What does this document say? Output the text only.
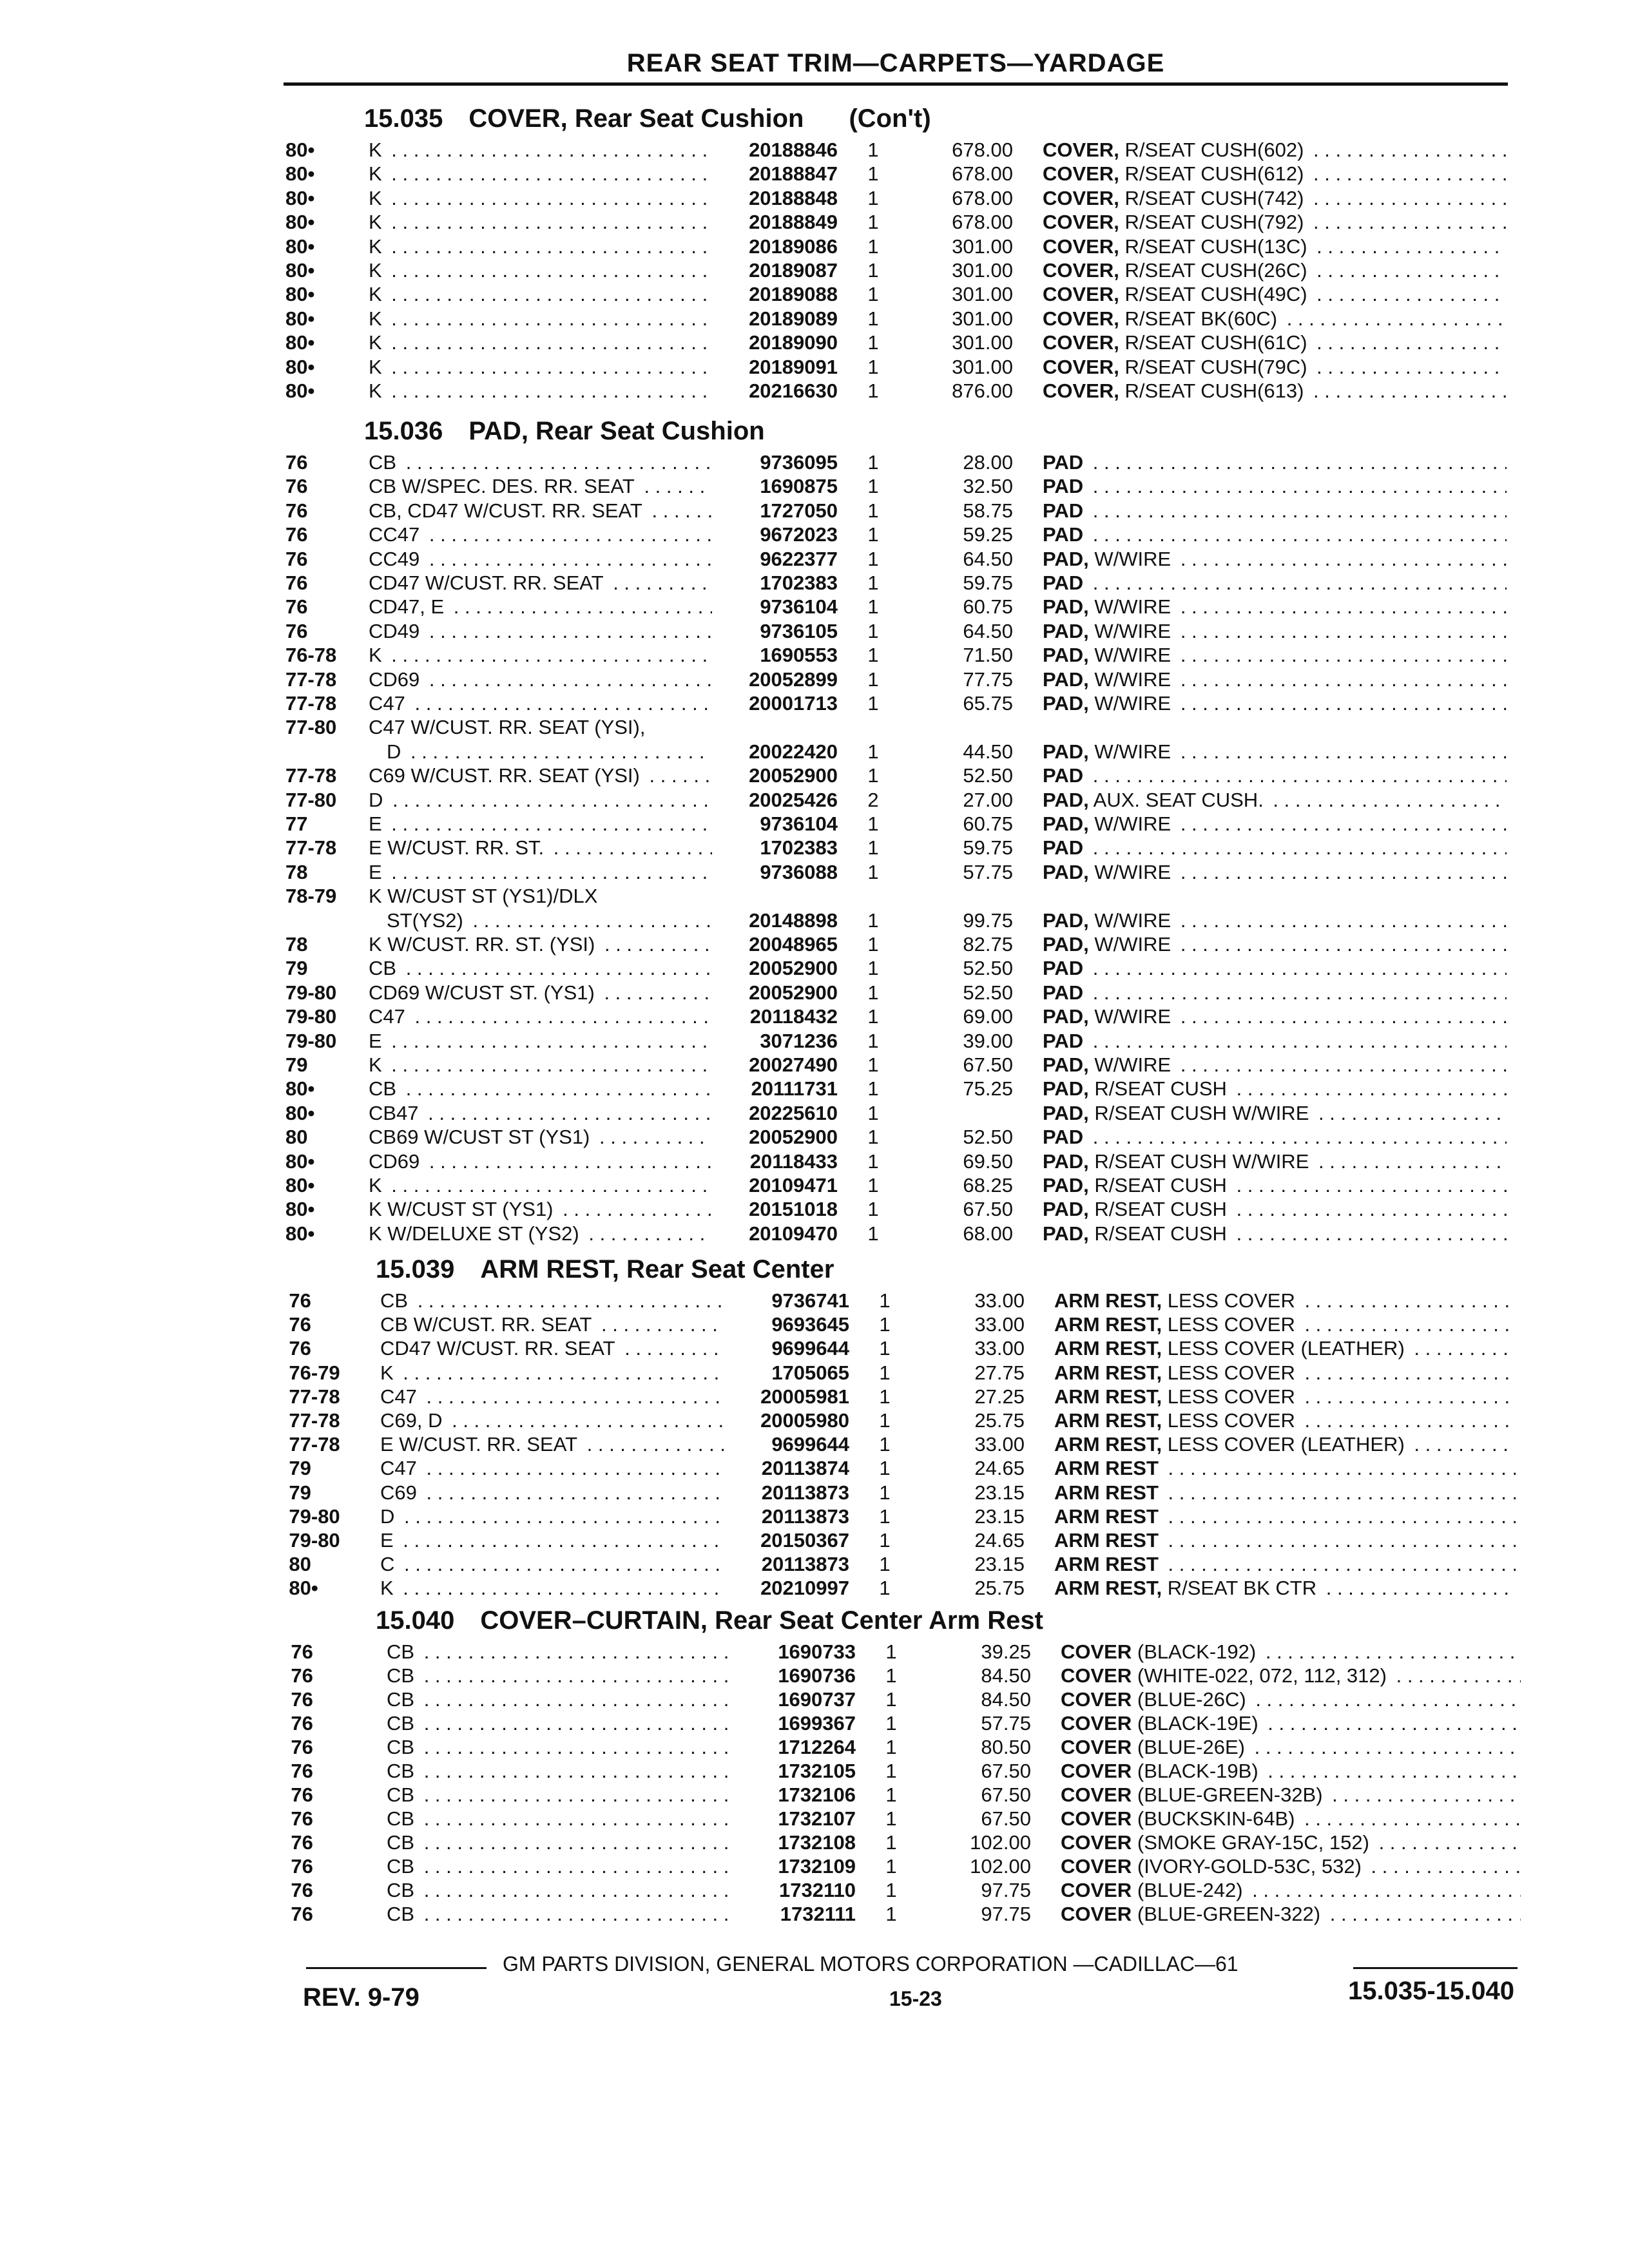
REAR SEAT TRIM—CARPETS—YARDAGE
15.035 COVER, Rear Seat Cushion (Con't)
80•	K . . .	20188846	1	678.00 COVER, R/SEAT CUSH(602) . . .
80•	K . . .	20188847	1	678.00 COVER, R/SEAT CUSH(612) . . .
80•	K . . .	20188848	1	678.00 COVER, R/SEAT CUSH(742) . . .
80•	K . . .	20188849	1	678.00 COVER, R/SEAT CUSH(792) . . .
80•	K . . .	20189086	1	301.00 COVER, R/SEAT CUSH(13C) . . .
80•	K . . .	20189087	1	301.00 COVER, R/SEAT CUSH(26C) . . .
80•	K . . .	20189088	1	301.00 COVER, R/SEAT CUSH(49C) . . .
80•	K . . .	20189089	1	301.00 COVER, R/SEAT BK(60C) . . .
80•	K . . .	20189090	1	301.00 COVER, R/SEAT CUSH(61C) . . .
80•	K . . .	20189091	1	301.00 COVER, R/SEAT CUSH(79C) . . .
80•	K . . .	20216630	1	876.00 COVER, R/SEAT CUSH(613) . . .
15.036 PAD, Rear Seat Cushion
76	CB . . .	9736095	1	28.00 PAD . . .
76	CB W/SPEC. DES. RR. SEAT . . .	1690875	1	32.50 PAD . . .
76	CB, CD47 W/CUST. RR. SEAT . . .	1727050	1	58.75 PAD . . .
76	CC47 . . .	9672023	1	59.25 PAD . . .
76	CC49 . . .	9622377	1	64.50 PAD, W/WIRE . . .
76	CD47 W/CUST. RR. SEAT . . .	1702383	1	59.75 PAD . . .
76	CD47, E . . .	9736104	1	60.75 PAD, W/WIRE . . .
76	CD49 . . .	9736105	1	64.50 PAD, W/WIRE . . .
76-78 K . . .	1690553	1	71.50 PAD, W/WIRE . . .
77-78 CD69 . . .	20052899	1	77.75 PAD, W/WIRE . . .
77-78 C47 . . .	20001713	1	65.75 PAD, W/WIRE . . .
77-80 C47 W/CUST. RR. SEAT (YSI),
D . . .	20022420	1	44.50 PAD, W/WIRE . . .
77-78 C69 W/CUST. RR. SEAT (YSI) . . .	20052900	1	52.50 PAD . . .
77-80 D . . .	20025426	2	27.00 PAD, AUX. SEAT CUSH. . . .
77	E . . .	9736104	1	60.75 PAD, W/WIRE . . .
77-78 E W/CUST. RR. ST. . . .	1702383	1	59.75 PAD . . .
78	E . . .	9736088	1	57.75 PAD, W/WIRE . . .
78-79 K W/CUST ST (YS1)/DLX
ST(YS2) . . .	20148898	1	99.75 PAD, W/WIRE . . .
78	K W/CUST. RR. ST. (YSI) . . .	20048965	1	82.75 PAD, W/WIRE . . .
79	CB . . .	20052900	1	52.50 PAD . . .
79-80 CD69 W/CUST ST. (YS1) . . .	20052900	1	52.50 PAD . . .
79-80 C47 . . .	20118432	1	69.00 PAD, W/WIRE . . .
79-80 E . . .	3071236	1	39.00 PAD . . .
79	K . . .	20027490	1	67.50 PAD, W/WIRE . . .
80•	CB . . .	20111731	1	75.25 PAD, R/SEAT CUSH . . .
80•	CB47 . . .	20225610	1	PAD, R/SEAT CUSH W/WIRE . . .
80	CB69 W/CUST ST (YS1) . . .	20052900	1	52.50 PAD . . .
80•	CD69 . . .	20118433	1	69.50 PAD, R/SEAT CUSH W/WIRE . . .
80•	K . . .	20109471	1	68.25 PAD, R/SEAT CUSH . . .
80•	K W/CUST ST (YS1) . . .	20151018	1	67.50 PAD, R/SEAT CUSH . . .
80•	K W/DELUXE ST (YS2) . . .	20109470	1	68.00 PAD, R/SEAT CUSH . . .
15.039 ARM REST, Rear Seat Center
76	CB . . .	9736741	1	33.00 ARM REST, LESS COVER . . .
76	CB W/CUST. RR. SEAT . . .	9693645	1	33.00 ARM REST, LESS COVER . . .
76	CD47 W/CUST. RR. SEAT . . .	9699644	1	33.00 ARM REST, LESS COVER (LEATHER) . . .
76-79 K . . .	1705065	1	27.75 ARM REST, LESS COVER . . .
77-78 C47 . . .	20005981	1	27.25 ARM REST, LESS COVER . . .
77-78 C69, D . . .	20005980	1	25.75 ARM REST, LESS COVER . . .
77-78 E W/CUST. RR. SEAT . . .	9699644	1	33.00 ARM REST, LESS COVER (LEATHER) . . .
79	C47 . . .	20113874	1	24.65 ARM REST . . .
79	C69 . . .	20113873	1	23.15 ARM REST . . .
79-80 D . . .	20113873	1	23.15 ARM REST . . .
79-80 E . . .	20150367	1	24.65 ARM REST . . .
80	C . . .	20113873	1	23.15 ARM REST . . .
80•	K . . .	20210997	1	25.75 ARM REST, R/SEAT BK CTR . . .
15.040 COVER–CURTAIN, Rear Seat Center Arm Rest
76	CB . . .	1690733	1	39.25 COVER (BLACK-192) . . .
76	CB . . .	1690736	1	84.50 COVER (WHITE-022, 072, 112, 312) . . .
76	CB . . .	1690737	1	84.50 COVER (BLUE-26C) . . .
76	CB . . .	1699367	1	57.75 COVER (BLACK-19E) . . .
76	CB . . .	1712264	1	80.50 COVER (BLUE-26E) . . .
76	CB . . .	1732105	1	67.50 COVER (BLACK-19B) . . .
76	CB . . .	1732106	1	67.50 COVER (BLUE-GREEN-32B) . . .
76	CB . . .	1732107	1	67.50 COVER (BUCKSKIN-64B) . . .
76	CB . . .	1732108	1	102.00 COVER (SMOKE GRAY-15C, 152) . . .
76	CB . . .	1732109	1	102.00 COVER (IVORY-GOLD-53C, 532) . . .
76	CB . . .	1732110	1	97.75 COVER (BLUE-242) . . .
76	CB . . .	1732111	1	97.75 COVER (BLUE-GREEN-322) . . .
GM PARTS DIVISION, GENERAL MOTORS CORPORATION —CADILLAC—61
REV. 9-79	15-23	15.035-15.040
